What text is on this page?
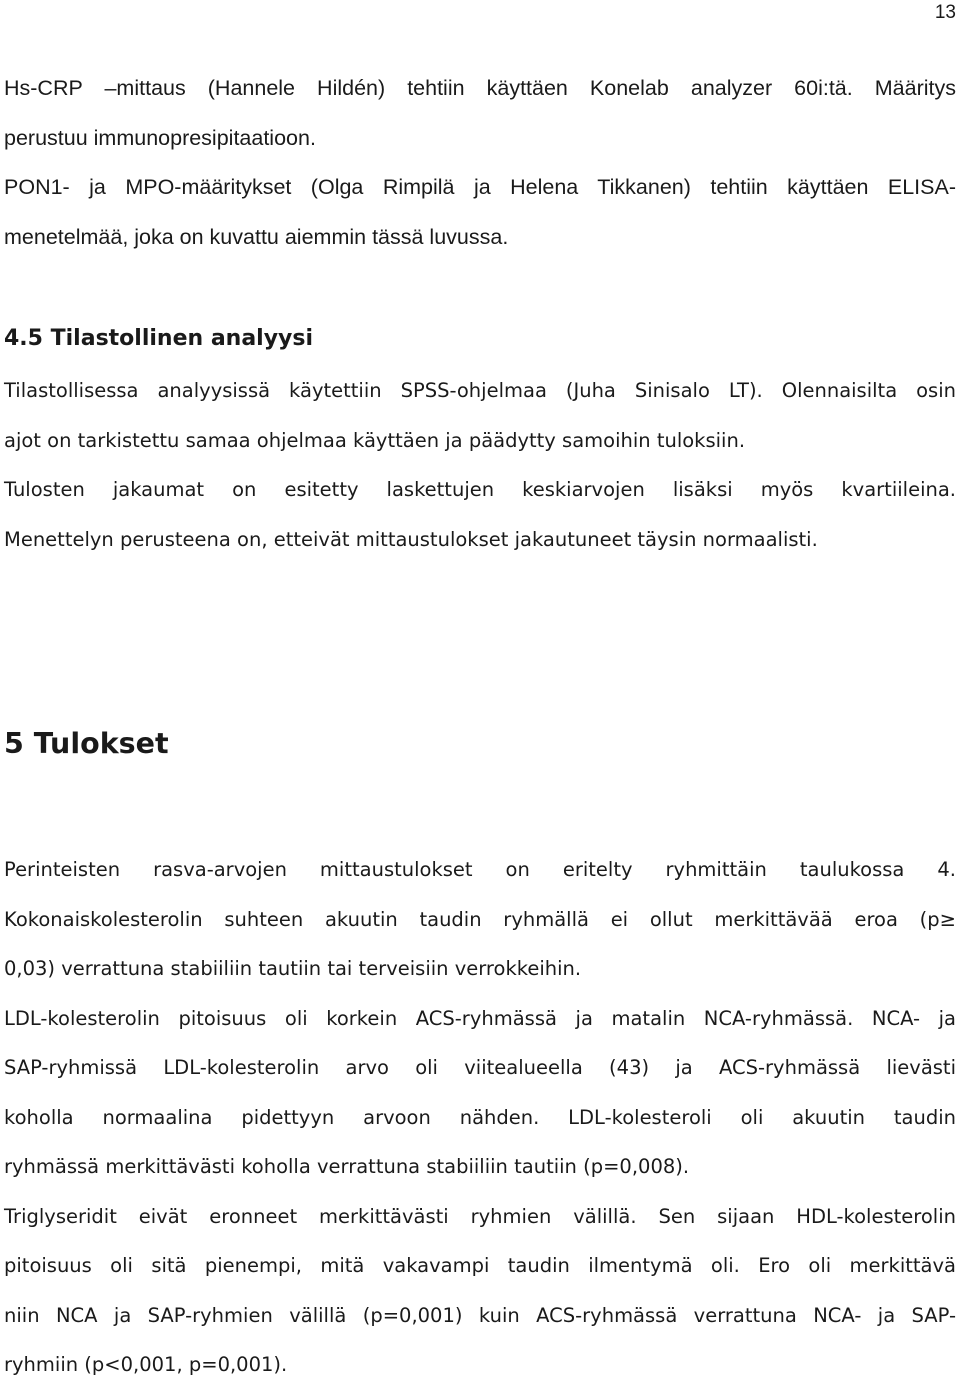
13
Hs-CRP –mittaus (Hannele Hildén) tehtiin käyttäen Konelab analyzer 60i:tä. Määritys
perustuu immunopresipitaatioon.
PON1- ja MPO-määritykset (Olga Rimpilä ja Helena Tikkanen) tehtiin käyttäen ELISA-
menetelmää, joka on kuvattu aiemmin tässä luvussa.
4.5 Tilastollinen analyysi
Tilastollisessa analyysissä käytettiin SPSS-ohjelmaa (Juha Sinisalo LT). Olennaisilta osin
ajot on tarkistettu samaa ohjelmaa käyttäen ja päädytty samoihin tuloksiin.
Tulosten jakaumat on esitetty laskettujen keskiarvojen lisäksi myös kvartiileina.
Menettelyn perusteena on, etteivät mittaustulokset jakautuneet täysin normaalisti.
5 Tulokset
Perinteisten rasva-arvojen mittaustulokset on eritelty ryhmittäin taulukossa 4.
Kokonaiskolesterolin suhteen akuutin taudin ryhmällä ei ollut merkittävää eroa (p≥
0,03) verrattuna stabiiliin tautiin tai terveisiin verrokkeihin.
LDL-kolesterolin pitoisuus oli korkein ACS-ryhmässä ja matalin NCA-ryhmässä. NCA- ja
SAP-ryhmissä LDL-kolesterolin arvo oli viitealueella (43) ja ACS-ryhmässä lievästi
koholla normaalina pidettyyn arvoon nähden. LDL-kolesteroli oli akuutin taudin
ryhmässä merkittävästi koholla verrattuna stabiiliin tautiin (p=0,008).
Triglyseridit eivät eronneet merkittävästi ryhmien välillä. Sen sijaan HDL-kolesterolin
pitoisuus oli sitä pienempi, mitä vakavampi taudin ilmentymä oli. Ero oli merkittävä
niin NCA ja SAP-ryhmien välillä (p=0,001) kuin ACS-ryhmässä verrattuna NCA- ja SAP-
ryhmiin (p<0,001, p=0,001).
